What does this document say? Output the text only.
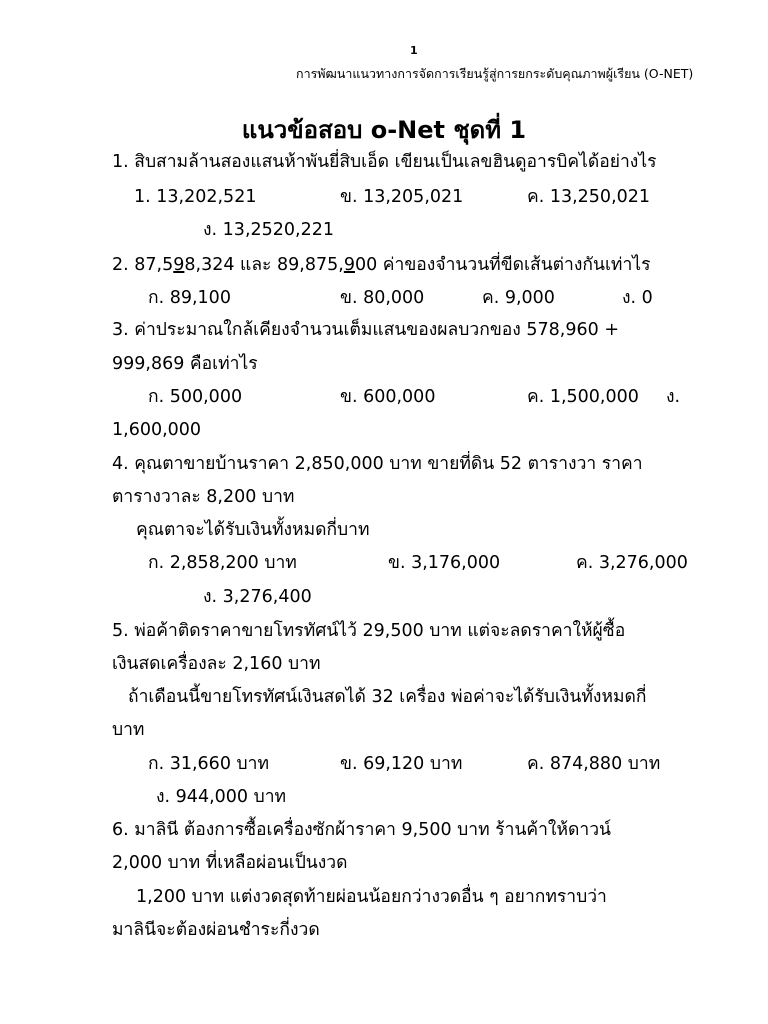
1
การพัฒนาแนวทางการจัดการเรียนรู้สู่การยกระดับคุณภาพผู้เรียน (O-NET)
แนวข้อสอบ o-Net ชุดที่ 1
1. สิบสามล้านสองแสนห้าพันยี่สิบเอ็ด เขียนเป็นเลขฮินดูอารบิคได้อย่างไร
1. 13,202,521	ข. 13,205,021	ค. 13,250,021
ง. 13,2520,221
2. 87,598,324 และ 89,875,900 ค่าของจำนวนที่ขีดเส้นต่างกันเท่าไร
ก. 89,100	ข. 80,000	ค. 9,000	ง. 0
3. ค่าประมาณใกล้เคียงจำนวนเต็มแสนของผลบวกของ 578,960 +
999,869 คือเท่าไร
ก. 500,000	ข. 600,000	ค. 1,500,000 ง.
1,600,000
4. คุณตาขายบ้านราคา 2,850,000 บาท ขายที่ดิน 52 ตารางวา ราคา
ตารางวาละ 8,200 บาท
คุณตาจะได้รับเงินทั้งหมดกี่บาท
ก. 2,858,200 บาท	ข. 3,176,000	ค. 3,276,000
ง. 3,276,400
5. พ่อค้าติดราคาขายโทรทัศน์ไว้ 29,500 บาท แต่จะลดราคาให้ผู้ซื้อ
เงินสดเครื่องละ 2,160 บาท
ถ้าเดือนนี้ขายโทรทัศน์เงินสดได้ 32 เครื่อง พ่อค่าจะได้รับเงินทั้งหมดกี่
บาท
ก. 31,660 บาท	ข. 69,120 บาท	ค. 874,880 บาท
ง. 944,000 บาท
6. มาลินี ต้องการซื้อเครื่องซักผ้าราคา 9,500 บาท ร้านค้าให้ดาวน์
2,000 บาท ที่เหลือผ่อนเป็นงวด
1,200 บาท แต่งวดสุดท้ายผ่อนน้อยกว่างวดอื่น ๆ อยากทราบว่า
มาลินีจะต้องผ่อนชำระกี่งวด
